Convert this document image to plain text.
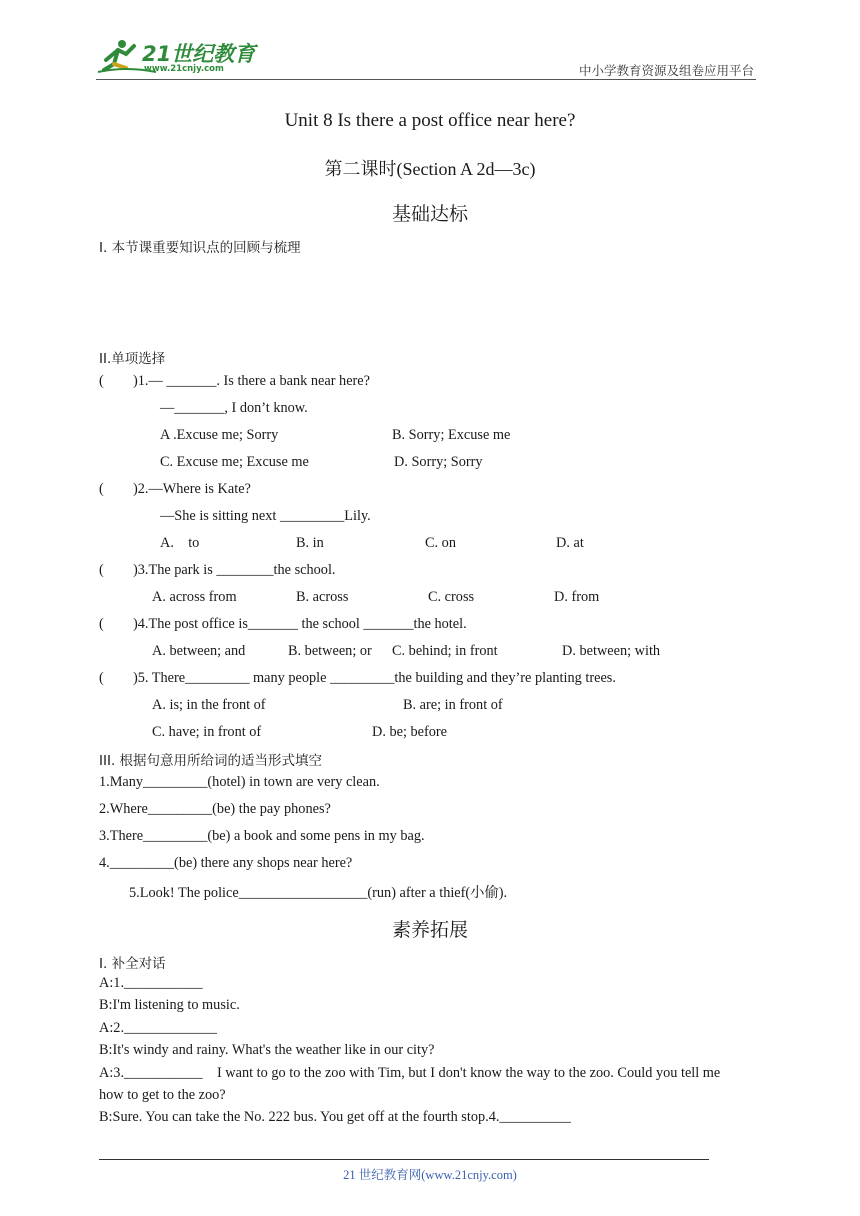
21世纪教育
www.21cnjy.com	中小学教育资源及组卷应用平台
Unit 8 Is there a post office near here?
第二课时(Section A 2d—3c)
基础达标
Ⅰ. 本节课重要知识点的回顾与梳理
II.单项选择
( )1.— _______. Is there a bank near here?
—_______, I don’t know.
A .Excuse me; Sorry	B. Sorry; Excuse me
C. Excuse me; Excuse me	D. Sorry; Sorry
( )2.—Where is Kate?
—She is sitting next _________Lily.
A.    to	B. in	C. on	D. at
( )3.The park is ________the school.
A. across from	B. across	C. cross	D. from
( )4.The post office is_______ the school _______the hotel.
A. between; and	B. between; or C. behind; in front	D. between; with
( )5. There_________ many people _________the building and they’re planting trees.
A. is; in the front of	B. are; in front of
C. have; in front of	D. be; before
III. 根据句意用所给词的适当形式填空
1.Many_________(hotel) in town are very clean.
2.Where_________(be) the pay phones?
3.There_________(be) a book and some pens in my bag.
4._________(be) there any shops near here?
5.Look! The police__________________(run) after a thief(小偷).
素养拓展
Ⅰ. 补全对话
A:1.___________
B:I'm listening to music.
A:2._____________
B:It's windy and rainy. What's the weather like in our city?
A:3.___________    I want to go to the zoo with Tim, but I don't know the way to the zoo. Could you tell me
how to get to the zoo?
B:Sure. You can take the No. 222 bus. You get off at the fourth stop.4.__________
21 世纪教育网(www.21cnjy.com)
